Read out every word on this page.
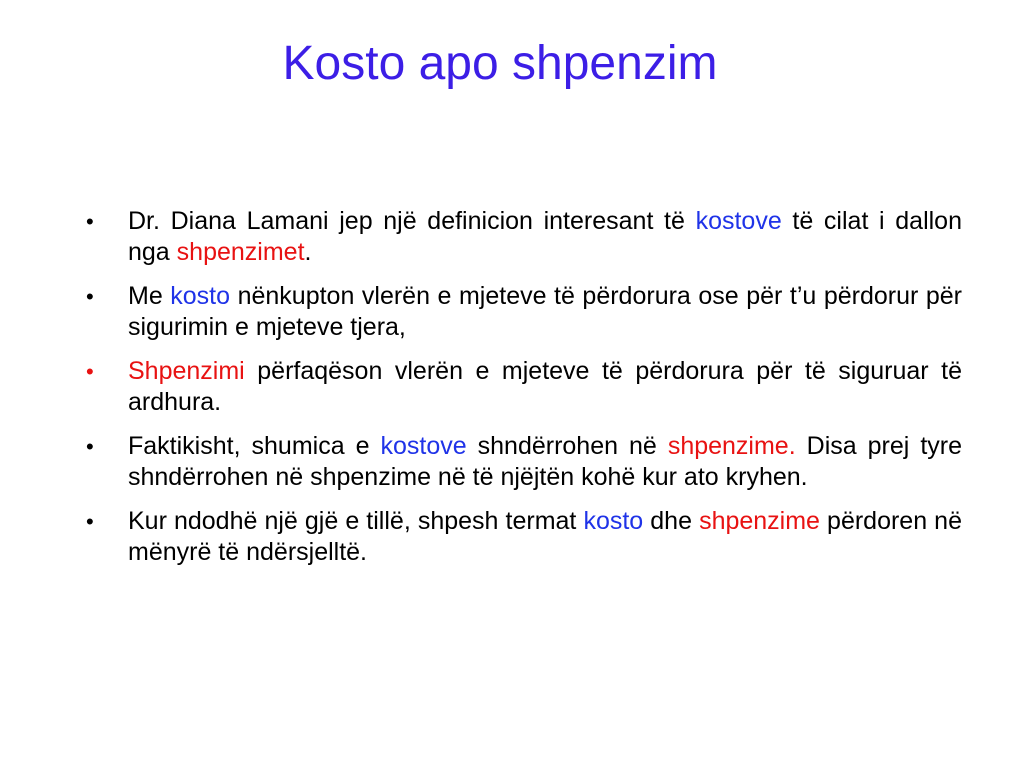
Kosto apo shpenzim
•	Dr. Diana Lamani jep një definicion interesant të kostove të cilat i dallon nga shpenzimet.
•	Me kosto nënkupton vlerën e mjeteve të përdorura ose për t’u përdorur për sigurimin e mjeteve tjera,
•	Shpenzimi përfaqëson vlerën e mjeteve të përdorura për të siguruar të ardhura.
•	Faktikisht, shumica e kostove shndërrohen në shpenzime. Disa prej tyre shndërrohen në shpenzime në të njëjtën kohë kur ato kryhen.
•	Kur ndodhë një gjë e tillë, shpesh termat kosto dhe shpenzime përdoren në mënyrë të ndërsjelltë.
